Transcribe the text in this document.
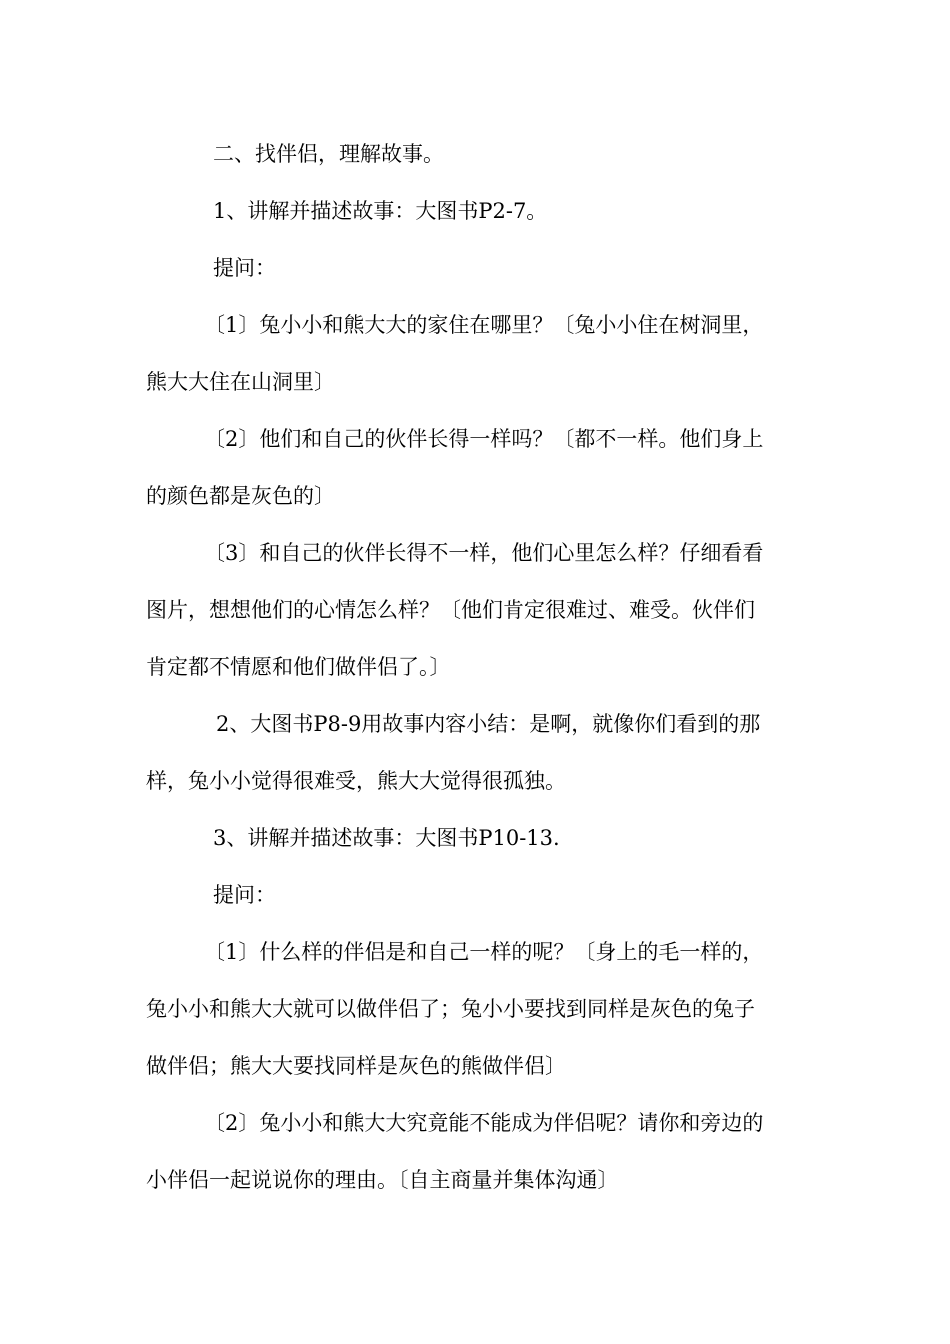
二、找伴侣，理解故事。
1、讲解并描述故事：大图书P2-7。
提问：
〔1〕兔小小和熊大大的家住在哪里？〔兔小小住在树洞里，
熊大大住在山洞里〕
〔2〕他们和自己的伙伴长得一样吗？〔都不一样。他们身上
的颜色都是灰色的〕
〔3〕和自己的伙伴长得不一样，他们心里怎么样？仔细看看
图片，想想他们的心情怎么样？〔他们肯定很难过、难受。伙伴们
肯定都不情愿和他们做伴侣了。〕
2、大图书P8-9用故事内容小结：是啊，就像你们看到的那
样，兔小小觉得很难受，熊大大觉得很孤独。
3、讲解并描述故事：大图书P10-13.
提问：
〔1〕什么样的伴侣是和自己一样的呢？〔身上的毛一样的，
兔小小和熊大大就可以做伴侣了；兔小小要找到同样是灰色的兔子
做伴侣；熊大大要找同样是灰色的熊做伴侣〕
〔2〕兔小小和熊大大究竟能不能成为伴侣呢？请你和旁边的
小伴侣一起说说你的理由。〔自主商量并集体沟通〕
